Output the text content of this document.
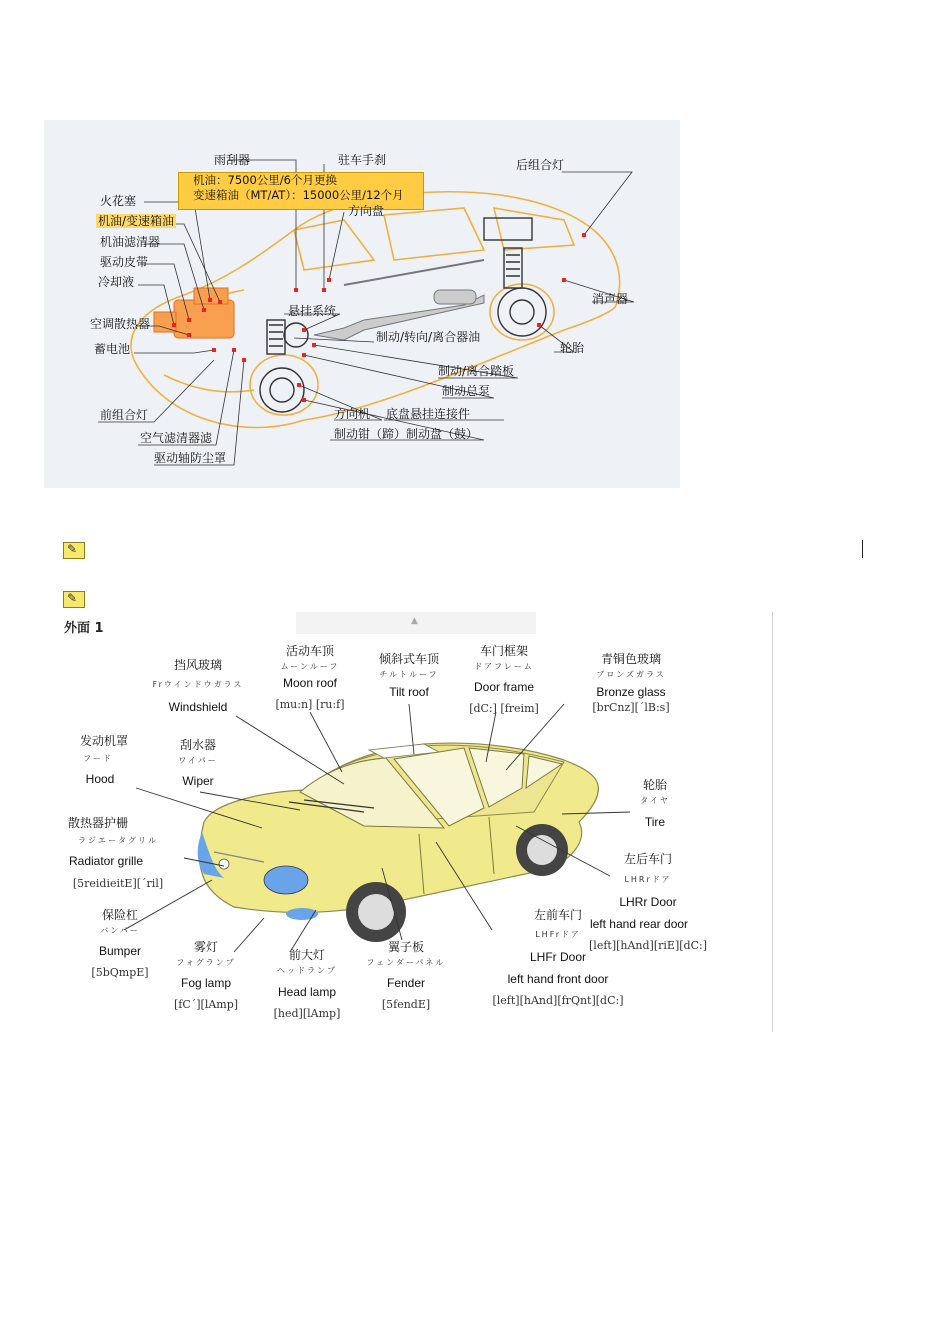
机油：7500公里/6个月更换
变速箱油（MT/AT）：15000公里/12个月
雨刮器	驻车手刹	后组合灯
火花塞
机油/变速箱油
机油滤清器
驱动皮带
冷却液
方向盘
空调散热器
悬挂系统
消声器
蓄电池
制动/转向/离合器油
轮胎
制动/离合踏板
制动总泵
前组合灯	方向机 底盘悬挂连接件
空气滤清器滤	制动钳（蹄）制动盘（鼓）
驱动轴防尘罩
✎
✎
外面 1	▲
挡风玻璃
Frウインドウガラス
Windshield
活动车顶
ムーンルーフ
Moon roof
[mu:n] [ru:f]
倾斜式车顶
チルトルーフ
Tilt roof
车门框架
ドアフレーム
Door frame
[dC:] [freim]
青铜色玻璃
ブロンズガラス
Bronze glass
[brCnz][ˊlB:s]
发动机罩
フード
Hood
刮水器
ワイパー
Wiper	轮胎
タイヤ
Tire
散热器护栅
ラジエータグリル
Radiator grille
[5reidieitE][ˊril]
左后车门
LHRrドア
LHRr Door
left hand rear door
[left][hAnd][riE][dC:]
保险杠
バンパー
Bumper
[5bQmpE]
雾灯
フォグランプ
Fog lamp
[fCˊ][lAmp]
前大灯
ヘッドランプ
Head lamp
[hed][lAmp]
翼子板
フェンダーパネル
Fender
[5fendE]
左前车门
LHFrドア
LHFr Door
left hand front door
[left][hAnd][frQnt][dC:]
